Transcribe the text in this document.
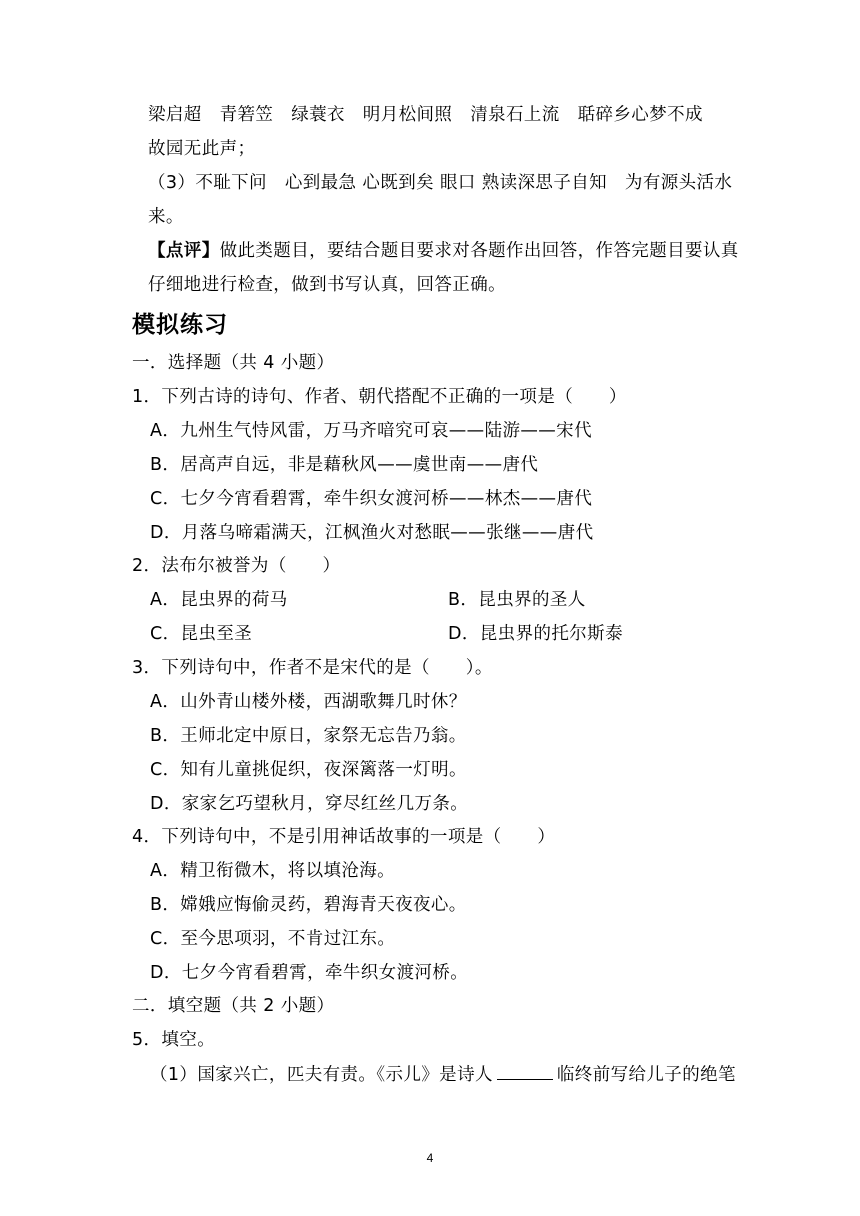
梁启超　青箬笠　绿蓑衣　明月松间照　清泉石上流　聒碎乡心梦不成
故园无此声；
（3）不耻下问　心到最急 心既到矣 眼口 熟读深思子自知　为有源头活水
来。
【点评】做此类题目，要结合题目要求对各题作出回答，作答完题目要认真
仔细地进行检查，做到书写认真，回答正确。
模拟练习
一．选择题（共 4 小题）
1．下列古诗的诗句、作者、朝代搭配不正确的一项是（　　）
A．九州生气恃风雷，万马齐喑究可哀——陆游——宋代
B．居高声自远，非是藉秋风——虞世南——唐代
C．七夕今宵看碧霄，牵牛织女渡河桥——林杰——唐代
D．月落乌啼霜满天，江枫渔火对愁眠——张继——唐代
2．法布尔被誉为（　　）
A．昆虫界的荷马	B．昆虫界的圣人
C．昆虫至圣	D．昆虫界的托尔斯泰
3．下列诗句中，作者不是宋代的是（　　）。
A．山外青山楼外楼，西湖歌舞几时休？
B．王师北定中原日，家祭无忘告乃翁。
C．知有儿童挑促织，夜深篱落一灯明。
D．家家乞巧望秋月，穿尽红丝几万条。
4．下列诗句中，不是引用神话故事的一项是（　　）
A．精卫衔微木，将以填沧海。
B．嫦娥应悔偷灵药，碧海青天夜夜心。
C．至今思项羽，不肯过江东。
D．七夕今宵看碧霄，牵牛织女渡河桥。
二．填空题（共 2 小题）
5．填空。
（1）国家兴亡，匹夫有责。《示儿》是诗人	临终前写给儿子的绝笔
4
